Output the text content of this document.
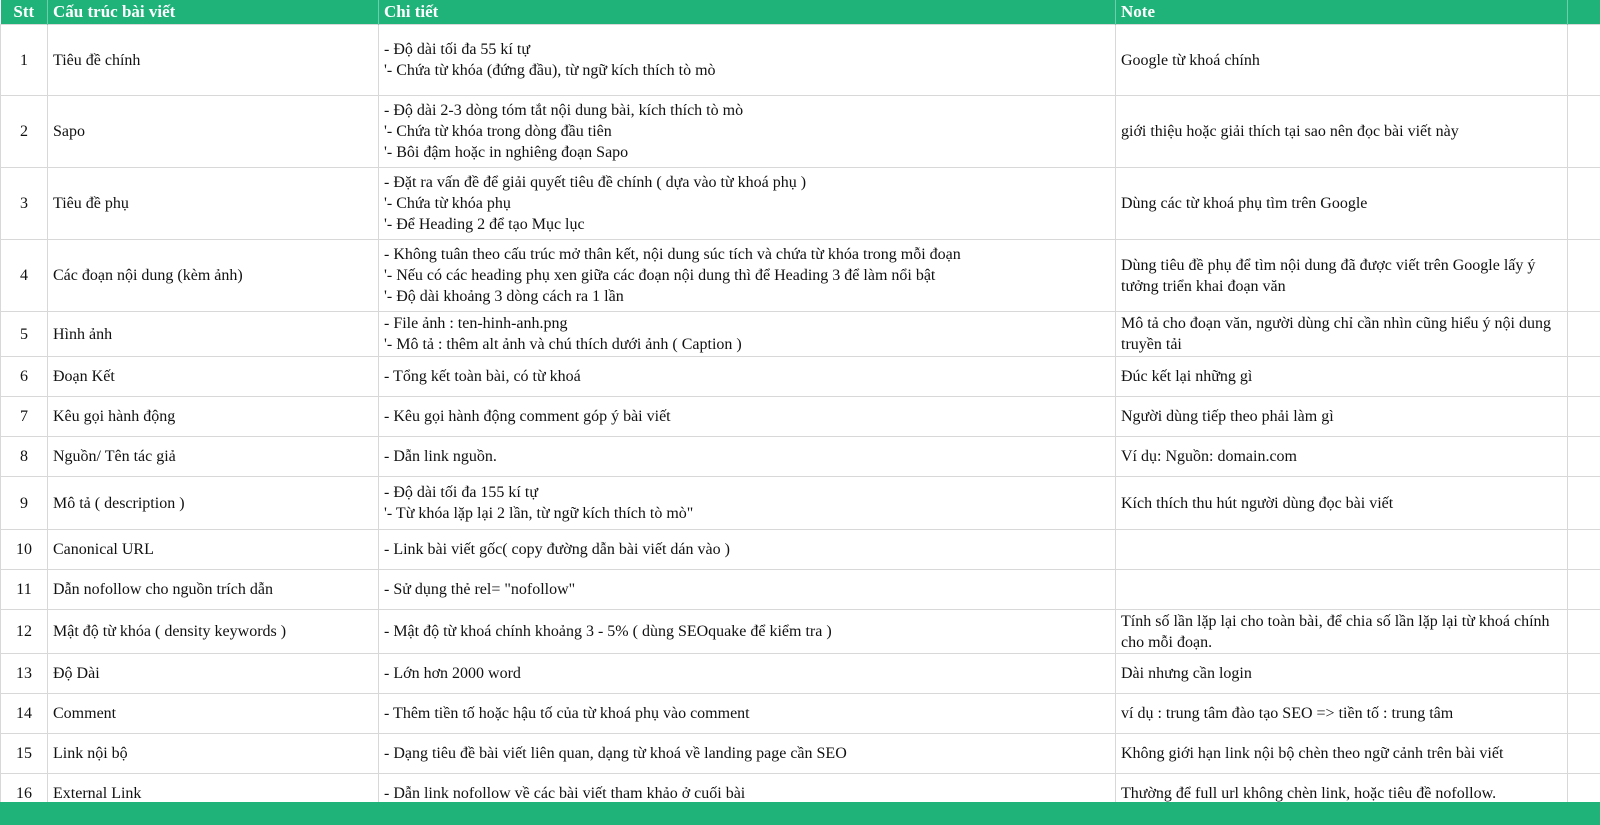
Stt	Cấu trúc bài viết	Chi tiết	Note	
1	Tiêu đề chính	- Độ dài tối đa 55 kí tự
'- Chứa từ khóa (đứng đầu), từ ngữ kích thích tò mò	Google từ khoá chính	
2	Sapo	- Độ dài 2-3 dòng tóm tắt nội dung bài, kích thích tò mò
'- Chứa từ khóa trong dòng đầu tiên
'- Bôi đậm hoặc in nghiêng đoạn Sapo	giới thiệu hoặc giải thích tại sao nên đọc bài viết này	
3	Tiêu đề phụ	- Đặt ra vấn đề để giải quyết tiêu đề chính ( dựa vào từ khoá phụ )
'- Chứa từ khóa phụ
'- Để Heading 2 để tạo Mục lục	Dùng các từ khoá phụ tìm trên Google	
4	Các đoạn nội dung (kèm ảnh)	- Không tuân theo cấu trúc mở thân kết, nội dung súc tích và chứa từ khóa trong mỗi đoạn
'- Nếu có các heading phụ xen giữa các đoạn nội dung thì để Heading 3 để làm nổi bật
'- Độ dài khoảng 3 dòng cách ra 1 lần	Dùng tiêu đề phụ để tìm nội dung đã được viết trên Google lấy ý tưởng triển khai đoạn văn	
5	Hình ảnh	- File ảnh : ten-hinh-anh.png
'- Mô tả : thêm alt ảnh và chú thích dưới ảnh ( Caption )	Mô tả cho đoạn văn, người dùng chỉ cần nhìn cũng hiểu ý nội dung truyền tải	
6	Đoạn Kết	- Tổng kết toàn bài, có từ khoá	Đúc kết lại những gì	
7	Kêu gọi hành động	- Kêu gọi hành động comment góp ý bài viết	Người dùng tiếp theo phải làm gì	
8	Nguồn/ Tên tác giả	- Dẫn link nguồn.	Ví dụ: Nguồn: domain.com	
9	Mô tả ( description )	- Độ dài tối đa 155 kí tự
'- Từ khóa lặp lại 2 lần, từ ngữ kích thích tò mò"	Kích thích thu hút người dùng đọc bài viết	
10	Canonical URL	- Link bài viết gốc( copy đường dẫn bài viết dán vào )		
11	Dẫn nofollow cho nguồn trích dẫn	- Sử dụng thẻ rel= "nofollow"		
12	Mật độ từ khóa ( density keywords )	- Mật độ từ khoá chính khoảng 3 - 5% ( dùng SEOquake để kiểm tra )	Tính số lần lặp lại cho toàn bài, để chia số lần lặp lại từ khoá chính cho mỗi đoạn.	
13	Độ Dài	- Lớn hơn 2000 word	Dài nhưng cần login	
14	Comment	- Thêm tiền tố hoặc hậu tố của từ khoá phụ vào comment	ví dụ : trung tâm đào tạo SEO => tiền tố : trung tâm	
15	Link nội bộ	- Dạng tiêu đề bài viết liên quan, dạng từ khoá về landing page cần SEO	Không giới hạn link nội bộ chèn theo ngữ cảnh trên bài viết	
16	External Link	- Dẫn link nofollow về các bài viết tham khảo ở cuối bài	Thường để full url không chèn link, hoặc tiêu đề nofollow.	
